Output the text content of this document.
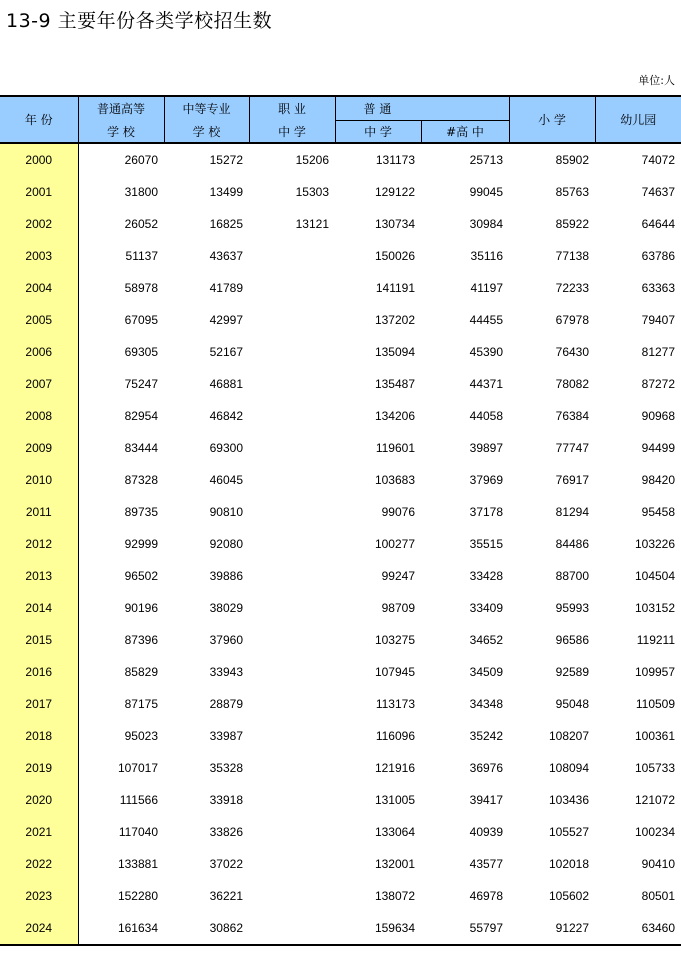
13-9 主要年份各类学校招生数
单位:人
年 份	普通高等	中等专业	职 业	普 通		小 学	幼儿园
	学 校	学 校	中 学	中 学	#高 中		
2000	26070	15272	15206	131173	25713	85902	74072
2001	31800	13499	15303	129122	99045	85763	74637
2002	26052	16825	13121	130734	30984	85922	64644
2003	51137	43637		150026	35116	77138	63786
2004	58978	41789		141191	41197	72233	63363
2005	67095	42997		137202	44455	67978	79407
2006	69305	52167		135094	45390	76430	81277
2007	75247	46881		135487	44371	78082	87272
2008	82954	46842		134206	44058	76384	90968
2009	83444	69300		119601	39897	77747	94499
2010	87328	46045		103683	37969	76917	98420
2011	89735	90810		99076	37178	81294	95458
2012	92999	92080		100277	35515	84486	103226
2013	96502	39886		99247	33428	88700	104504
2014	90196	38029		98709	33409	95993	103152
2015	87396	37960		103275	34652	96586	119211
2016	85829	33943		107945	34509	92589	109957
2017	87175	28879		113173	34348	95048	110509
2018	95023	33987		116096	35242	108207	100361
2019	107017	35328		121916	36976	108094	105733
2020	111566	33918		131005	39417	103436	121072
2021	117040	33826		133064	40939	105527	100234
2022	133881	37022		132001	43577	102018	90410
2023	152280	36221		138072	46978	105602	80501
2024	161634	30862		159634	55797	91227	63460
